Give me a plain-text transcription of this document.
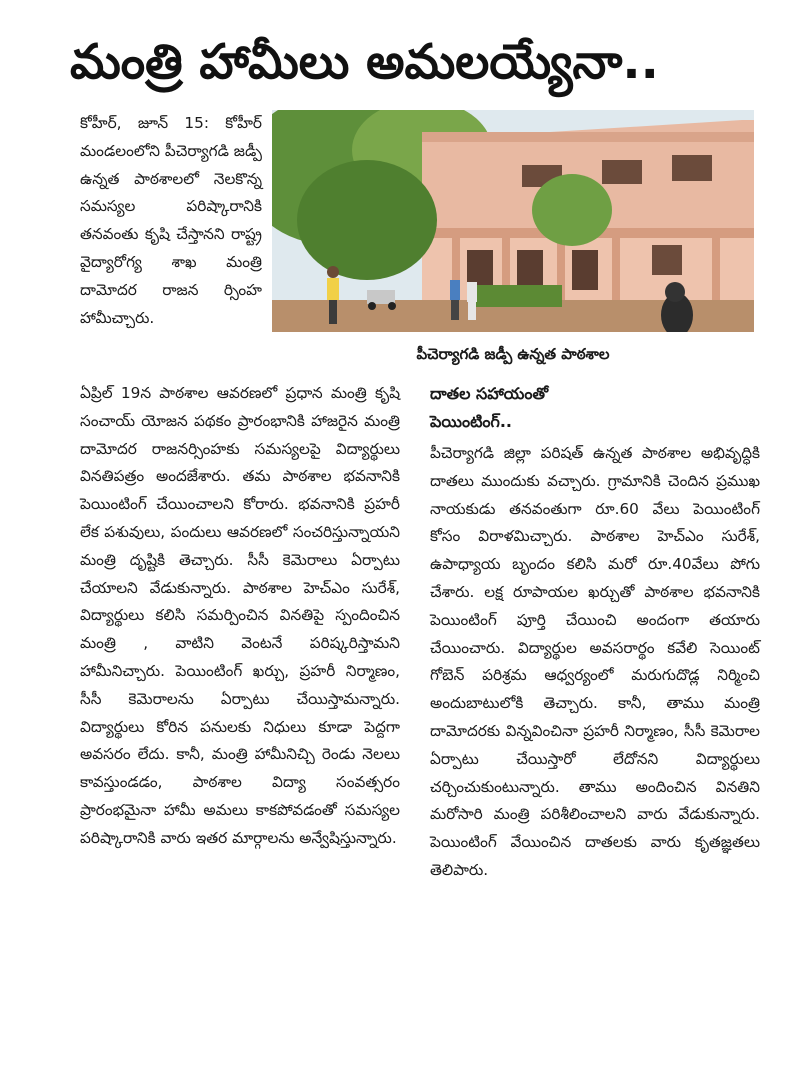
మంత్రి హామీలు అమలయ్యేనా..

కోహీర్, జూన్ 15: కోహీర్ మండలంలోని పీచెర్యాగడి జడ్పీ ఉన్నత పాఠశాలలో నెలకొన్న సమస్యల పరిష్కారానికి తనవంతు కృషి చేస్తానని రాష్ట్ర వైద్యారోగ్య శాఖ మంత్రి దామోదర రాజన ర్సింహ హామీచ్చారు.

పీచెర్యాగడి జడ్పీ ఉన్నత పాఠశాల

ఏప్రిల్ 19న పాఠశాల ఆవరణలో ప్రధాన మంత్రి కృషి సంచాయ్ యోజన పథకం ప్రారంభానికి హాజరైన మంత్రి దామోదర రాజనర్సింహకు సమస్యలపై విద్యార్థులు వినతిపత్రం అందజేశారు. తమ పాఠశాల భవనానికి పెయింటింగ్ చేయించాలని కోరారు. భవనానికి ప్రహరీ లేక పశువులు, పందులు ఆవరణలో సంచరిస్తున్నాయని మంత్రి దృష్టికి తెచ్చారు. సీసీ కెమెరాలు ఏర్పాటు చేయాలని వేడుకున్నారు. పాఠశాల హెచ్ఎం సురేశ్, విద్యార్థులు కలిసి సమర్పించిన వినతిపై స్పందించిన మంత్రి , వాటిని వెంటనే పరిష్కరిస్తామని హామీనిచ్చారు. పెయింటింగ్ ఖర్చు, ప్రహరీ నిర్మాణం, సీసీ కెమెరాలను ఏర్పాటు చేయిస్తామన్నారు. విద్యార్థులు కోరిన పనులకు నిధులు కూడా పెద్దగా అవసరం లేదు. కానీ, మంత్రి హామీనిచ్చి రెండు నెలలు కావస్తుండడం, పాఠశాల విద్యా సంవత్సరం ప్రారంభమైనా హామీ అమలు కాకపోవడంతో సమస్యల పరిష్కారానికి వారు ఇతర మార్గాలను అన్వేషిస్తున్నారు.

దాతల సహాయంతో

పెయింటింగ్..

పీచెర్యాగడి జిల్లా పరిషత్ ఉన్నత పాఠశాల అభివృద్ధికి దాతలు ముందుకు వచ్చారు. గ్రామానికి చెందిన ప్రముఖ నాయకుడు తనవంతుగా రూ.60 వేలు పెయింటింగ్ కోసం విరాళమిచ్చారు. పాఠశాల హెచ్ఎం సురేశ్, ఉపాధ్యాయ బృందం కలిసి మరో రూ.40వేలు పోగు చేశారు. లక్ష రూపాయల ఖర్చుతో పాఠశాల భవనానికి పెయింటింగ్ పూర్తి చేయించి అందంగా తయారు చేయించారు. విద్యార్థుల అవసరార్థం కవేలి సెయింట్ గోబెన్ పరిశ్రమ ఆధ్వర్యంలో మరుగుదొడ్ల నిర్మించి అందుబాటులోకి తెచ్చారు. కానీ, తాము మంత్రి దామోదరకు విన్నవించినా ప్రహరీ నిర్మాణం, సీసీ కెమెరాల ఏర్పాటు చేయిస్తారో లేదోనని విద్యార్థులు చర్చించుకుంటున్నారు. తాము అందించిన వినతిని మరోసారి మంత్రి పరిశీలించాలని వారు వేడుకున్నారు. పెయింటింగ్ వేయించిన దాతలకు వారు కృతజ్ఞతలు తెలిపారు.
